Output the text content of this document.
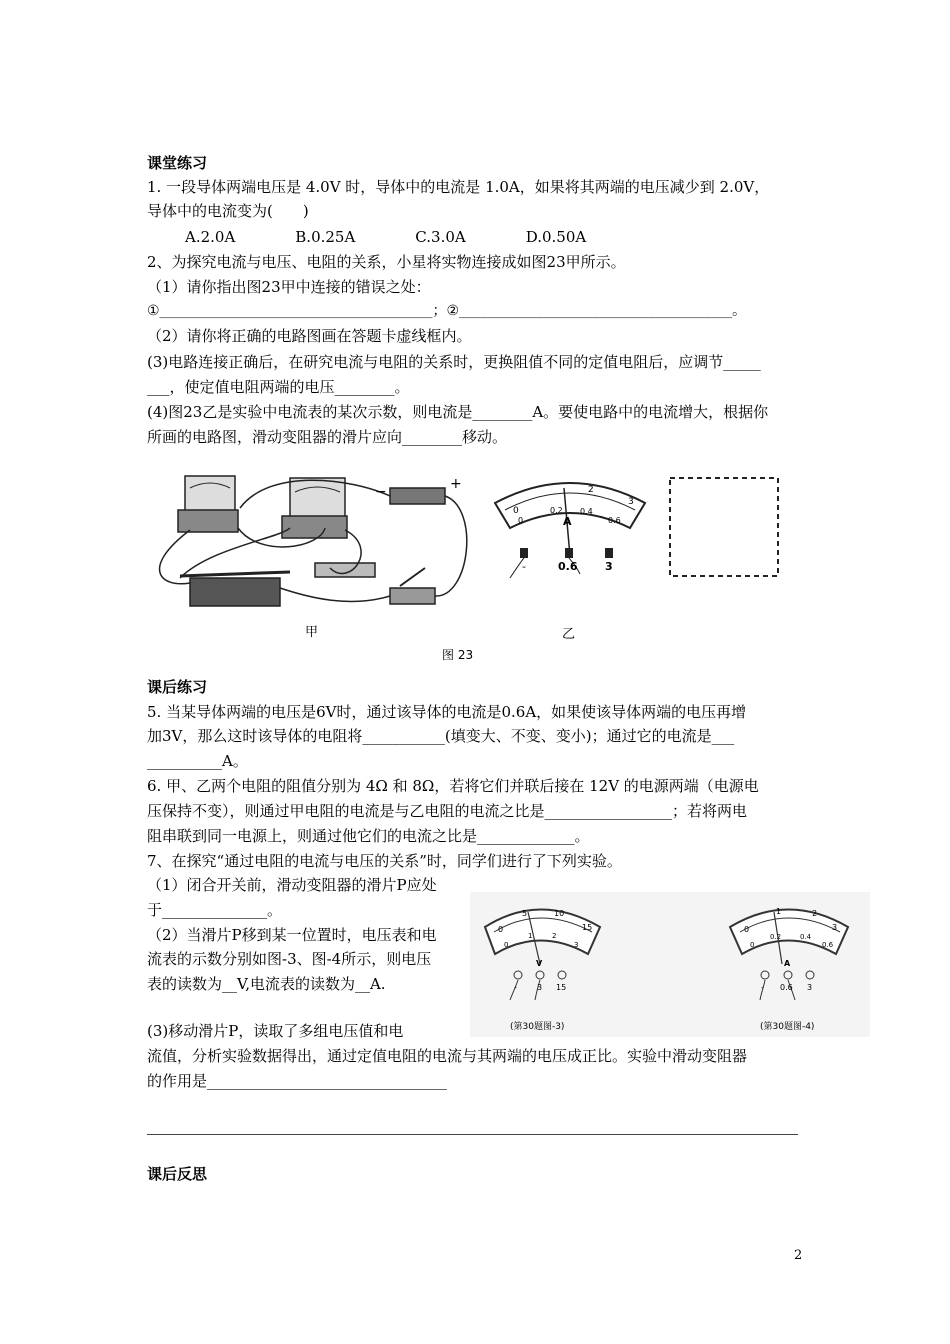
课堂练习
1. 一段导体两端电压是 4.0V 时，导体中的电流是 1.0A，如果将其两端的电压减少到 2.0V，
导体中的电流变为(　　)
A.2.0A　　　　B.0.25A　　　　C.3.0A　　　　D.0.50A
2、为探究电流与电压、电阻的关系，小星将实物连接成如图23甲所示。
（1）请你指出图23甲中连接的错误之处：
①_______________________________________；②_______________________________________。
（2）请你将正确的电路图画在答题卡虚线框内。
(3)电路连接正确后，在研究电流与电阻的关系时，更换阻值不同的定值电阻后，应调节_____
___，使定值电阻两端的电压________。
(4)图23乙是实验中电流表的某次示数，则电流是________A。要使电路中的电流增大，根据你
所画的电路图，滑动变阻器的滑片应向________移动。
+
−
0
2
3
0
0.2 0.4
0.6
A
-	0.6	3
甲	乙
图 23
课后练习
5. 当某导体两端的电压是6V时，通过该导体的电流是0.6A，如果使该导体两端的电压再增
加3V，那么这时该导体的电阻将___________(填变大、不变、变小)；通过它的电流是___
__________A。
6. 甲、乙两个电阻的阻值分别为 4Ω 和 8Ω，若将它们并联后接在 12V 的电源两端（电源电
压保持不变），则通过甲电阻的电流是与乙电阻的电流之比是_________________；若将两电
阻串联到同一电源上，则通过他它们的电流之比是_____________。
7、在探究“通过电阻的电流与电压的关系”时，同学们进行了下列实验。
（1）闭合开关前，滑动变阻器的滑片P应处
于______________。
（2）当滑片P移到某一位置时，电压表和电
流表的示数分别如图-3、图-4所示，则电压
表的读数为__V,电流表的读数为__A.
(3)移动滑片P，读取了多组电压值和电
流值，分析实验数据得出，通过定值电阻的电流与其两端的电压成正比。实验中滑动变阻器
的作用是________________________________
0
5	10
15
0
1	2
3
V
-	3 15
(第30题图-3)
0
1	2
3
0
0.2	0.4
0.6
A
- 0.6 3
(第30题图-4)
课后反思
2
